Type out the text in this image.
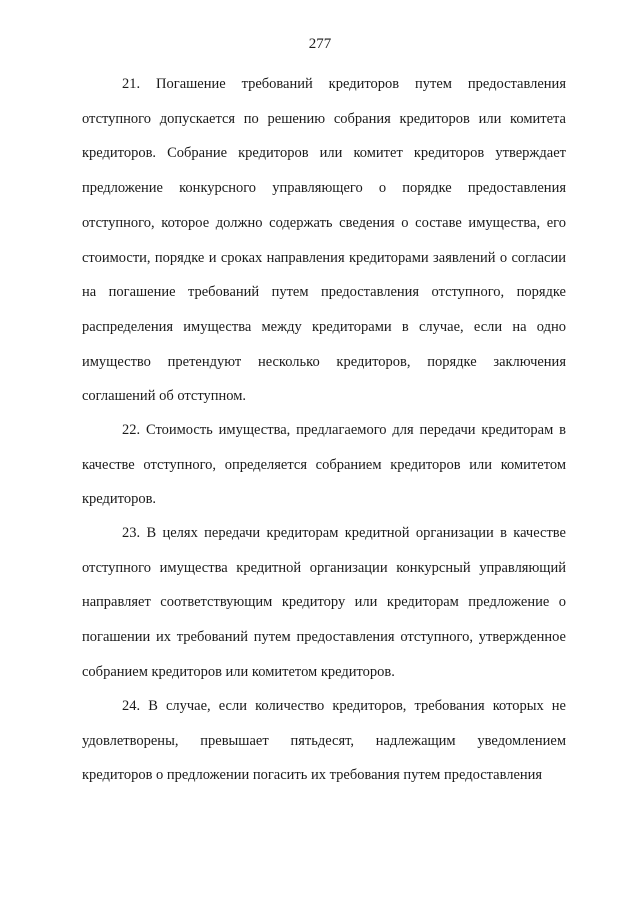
277

21. Погашение требований кредиторов путем предоставления отступного допускается по решению собрания кредиторов или комитета кредиторов. Собрание кредиторов или комитет кредиторов утверждает предложение конкурсного управляющего о порядке предоставления отступного, которое должно содержать сведения о составе имущества, его стоимости, порядке и сроках направления кредиторами заявлений о согласии на погашение требований путем предоставления отступного, порядке распределения имущества между кредиторами в случае, если на одно имущество претендуют несколько кредиторов, порядке заключения соглашений об отступном.

22. Стоимость имущества, предлагаемого для передачи кредиторам в качестве отступного, определяется собранием кредиторов или комитетом кредиторов.

23. В целях передачи кредиторам кредитной организации в качестве отступного имущества кредитной организации конкурсный управляющий направляет соответствующим кредитору или кредиторам предложение о погашении их требований путем предоставления отступного, утвержденное собранием кредиторов или комитетом кредиторов.

24. В случае, если количество кредиторов, требования которых не удовлетворены, превышает пятьдесят, надлежащим уведомлением кредиторов о предложении погасить их требования путем предоставления
